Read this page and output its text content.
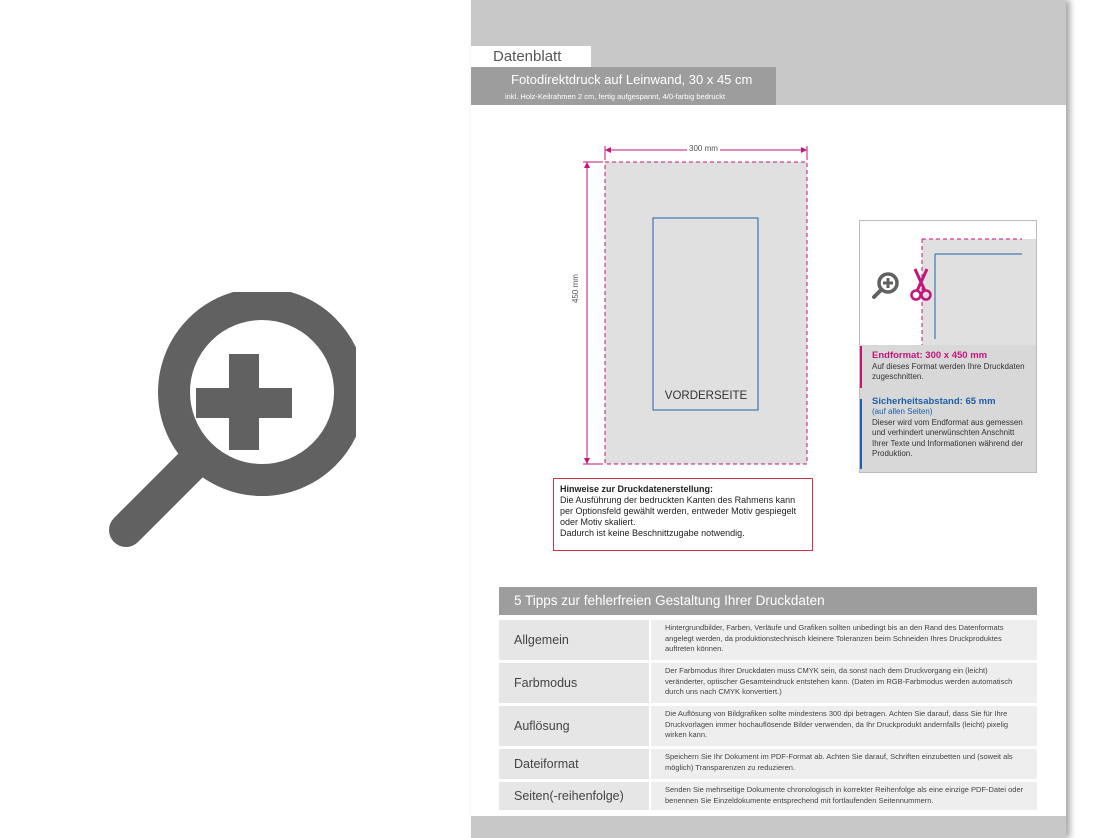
Datenblatt
Fotodirektdruck auf Leinwand, 30 x 45 cm
inkl. Holz-Keilrahmen 2 cm, fertig aufgespannt, 4/0-farbig bedruckt
300 mm
450 mm
VORDERSEITE
Hinweise zur Druckdatenerstellung:
Die Ausführung der bedruckten Kanten des Rahmens kann per Optionsfeld gewählt werden, entweder Motiv gespiegelt oder Motiv skaliert.
Dadurch ist keine Beschnittzugabe notwendig.
Endformat: 300 x 450 mm
Auf dieses Format werden Ihre Druckdaten zugeschnitten.
Sicherheitsabstand: 65 mm
(auf allen Seiten)
Dieser wird vom Endformat aus gemessen und verhindert unerwünschten Anschnitt Ihrer Texte und Informationen während der Produktion.
5 Tipps zur fehlerfreien Gestaltung Ihrer Druckdaten
Allgemein
Hintergrundbilder, Farben, Verläufe und Grafiken sollten unbedingt bis an den Rand des Datenformats angelegt werden, da produktionstechnisch kleinere Toleranzen beim Schneiden Ihres Druckproduktes auftreten können.
Farbmodus
Der Farbmodus Ihrer Druckdaten muss CMYK sein, da sonst nach dem Druckvorgang ein (leicht) veränderter, optischer Gesamteindruck entstehen kann. (Daten im RGB-Farbmodus werden automatisch durch uns nach CMYK konvertiert.)
Auflösung
Die Auflösung von Bildgrafiken sollte mindestens 300 dpi betragen. Achten Sie darauf, dass Sie für Ihre Druckvorlagen immer hochauflösende Bilder verwenden, da Ihr Druckprodukt andernfalls (leicht) pixelig wirken kann.
Dateiformat
Speichern Sie Ihr Dokument im PDF-Format ab. Achten Sie darauf, Schriften einzubetten und (soweit als möglich) Transparenzen zu reduzieren.
Seiten(-reihenfolge)	Senden Sie mehrseitige Dokumente chronologisch in korrekter Reihenfolge als eine einzige PDF-Datei oder benennen Sie Einzeldokumente entsprechend mit fortlaufenden Seitennummern.
